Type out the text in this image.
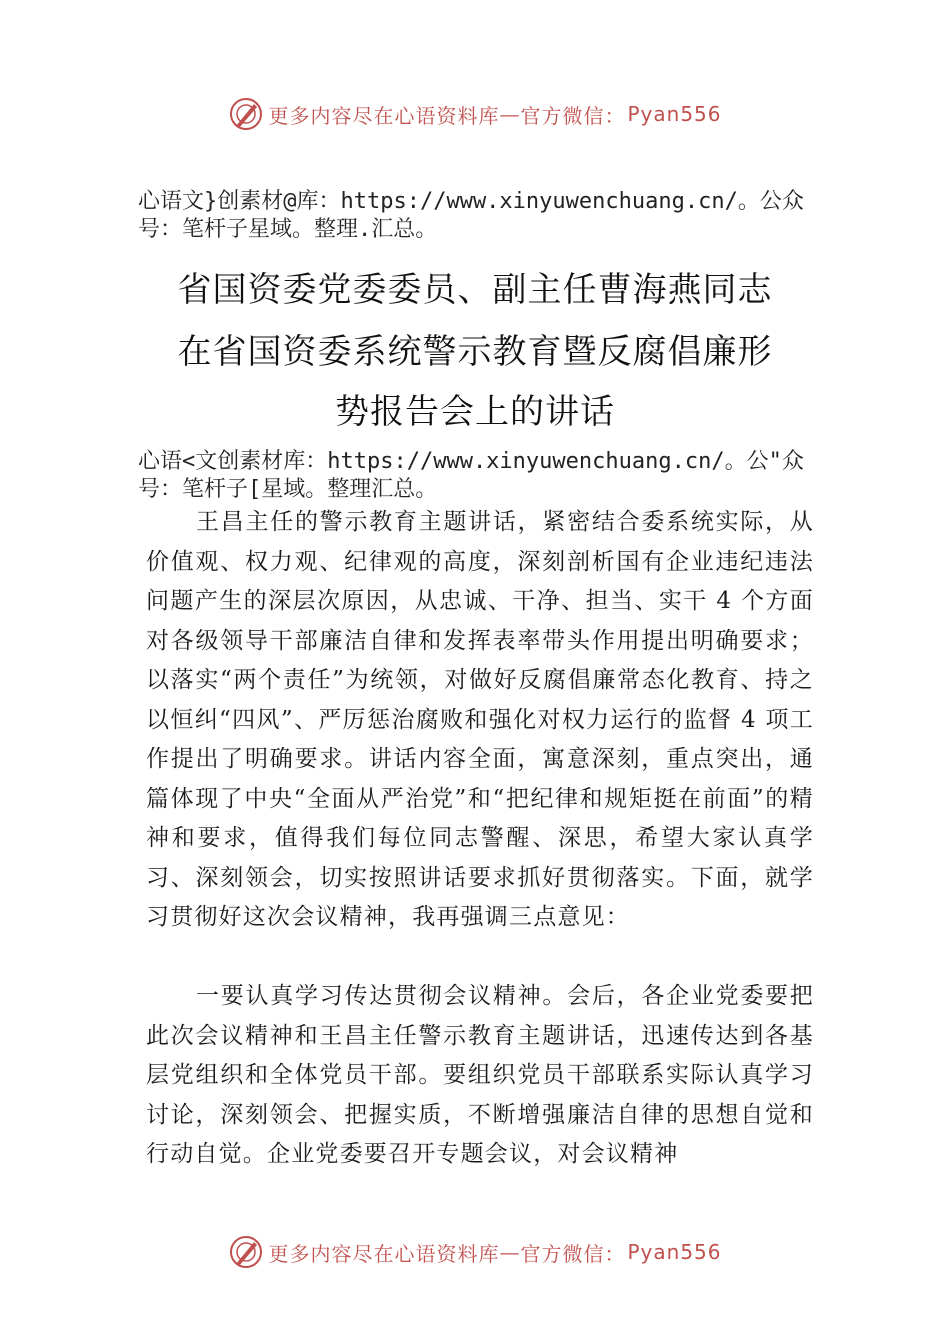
更多内容尽在心语资料库 — 官方微信： Pyan556
心语文}创素材@库：https://www.xinyuwenchuang.cn/。公众号：笔杆子星域。整理.汇总。
省国资委党委委员、副主任曹海燕同志
在省国资委系统警示教育暨反腐倡廉形
势报告会上的讲话
心语<文创素材库：https://www.xinyuwenchuang.cn/。公"众号：笔杆子[星域。整理汇总。

王昌主任的警示教育主题讲话，紧密结合委系统实际，从价值观、权力观、纪律观的高度，深刻剖析国有企业违纪违法问题产生的深层次原因，从忠诚、干净、担当、实干 4 个方面对各级领导干部廉洁自律和发挥表率带头作用提出明确要求；以落实“两个责任”为统领，对做好反腐倡廉常态化教育、持之以恒纠“四风”、严厉惩治腐败和强化对权力运行的监督 4 项工作提出了明确要求。讲话内容全面，寓意深刻，重点突出，通篇体现了中央“全面从严治党”和“把纪律和规矩挺在前面”的精神和要求，值得我们每位同志警醒、深思，希望大家认真学习、深刻领会，切实按照讲话要求抓好贯彻落实。下面，就学习贯彻好这次会议精神，我再强调三点意见：

一要认真学习传达贯彻会议精神。会后，各企业党委要把此次会议精神和王昌主任警示教育主题讲话，迅速传达到各基层党组织和全体党员干部。要组织党员干部联系实际认真学习讨论，深刻领会、把握实质，不断增强廉洁自律的思想自觉和行动自觉。企业党委要召开专题会议，对会议精神

更多内容尽在心语资料库 — 官方微信： Pyan556
